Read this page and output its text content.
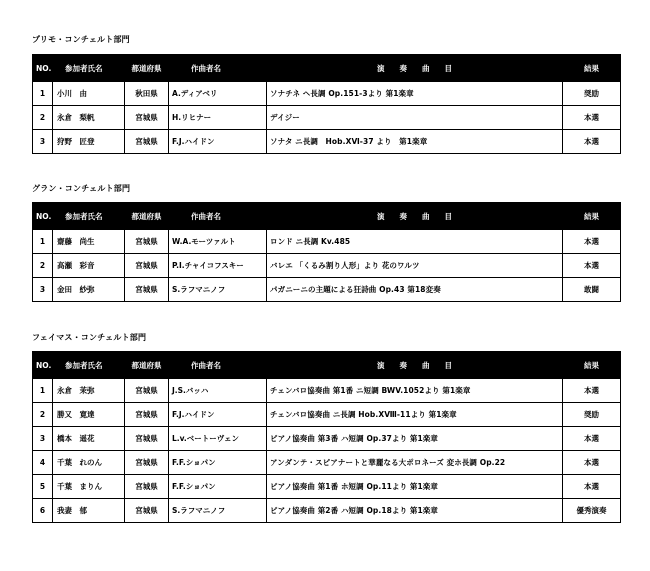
プリモ・コンチェルト部門
NO.	参加者氏名	都道府県	作曲者名	演　　奏　　曲　　目	結果
1	小川　由	秋田県	A.ディアベリ	ソナチネ ヘ長調 Op.151-3より 第1楽章	奨励
2	永倉　梨帆	宮城県	H.リヒナー	デイジー	本選
3	狩野　匠登	宮城県	F.J.ハイドン	ソナタ ニ長調　Hob.ⅩⅥ-37 より　第1楽章	本選
グラン・コンチェルト部門
NO.	参加者氏名	都道府県	作曲者名	演　　奏　　曲　　目	結果
1	齋藤　尚生	宮城県	W.A.モーツァルト	ロンド ニ長調 Kv.485	本選
2	高瀬　彩音	宮城県	P.I.チャイコフスキー	バレエ 「くるみ割り人形」より 花のワルツ	本選
3	金田　紗弥	宮城県	S.ラフマニノフ	パガニーニの主題による狂詩曲 Op.43 第18変奏	敢闘
フェイマス・コンチェルト部門
NO.	参加者氏名	都道府県	作曲者名	演　　奏　　曲　　目	結果
1	永倉　茉弥	宮城県	J.S.バッハ	チェンバロ協奏曲 第1番 ニ短調 BWV.1052より 第1楽章	本選
2	勝又　寛達	宮城県	F.J.ハイドン	チェンバロ協奏曲 ニ長調 Hob.ⅩⅧ-11より 第1楽章	奨励
3	橋本　遥花	宮城県	L.v.ベートーヴェン	ピアノ協奏曲 第3番 ハ短調 Op.37より 第1楽章	本選
4	千葉　れのん	宮城県	F.F.ショパン	アンダンテ・スピアナートと華麗なる大ポロネーズ 変ホ長調 Op.22	本選
5	千葉　まりん	宮城県	F.F.ショパン	ピアノ協奏曲 第1番 ホ短調 Op.11より 第1楽章	本選
6	我妻　郁	宮城県	S.ラフマニノフ	ピアノ協奏曲 第2番 ハ短調 Op.18より 第1楽章	優秀演奏
